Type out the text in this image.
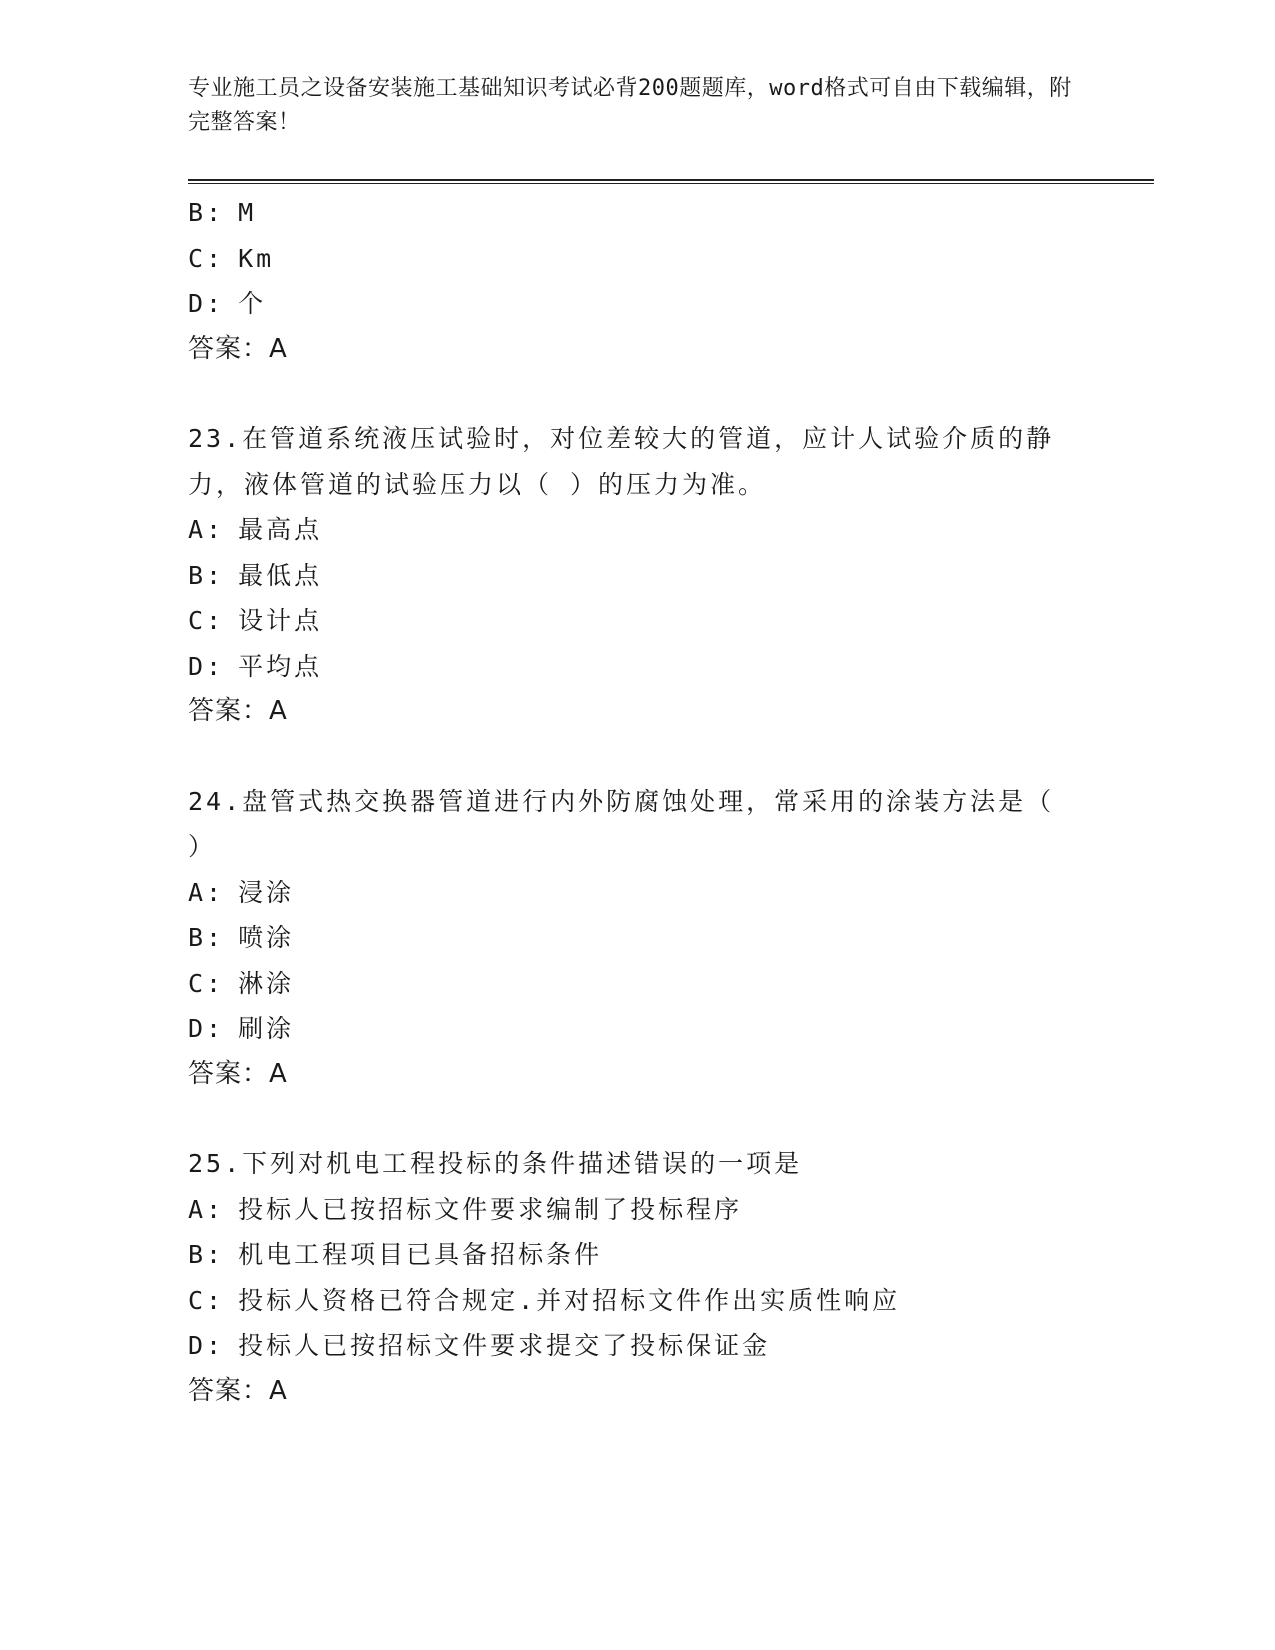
专业施工员之设备安装施工基础知识考试必背200题题库，word格式可自由下载编辑，附完整答案！
B: M
C: Km
D: 个
答案：A
23.在管道系统液压试验时，对位差较大的管道，应计人试验介质的静力，液体管道的试验压力以（ ）的压力为准。
A: 最高点
B: 最低点
C: 设计点
D: 平均点
答案：A
24.盘管式热交换器管道进行内外防腐蚀处理，常采用的涂装方法是（ ）
A: 浸涂
B: 喷涂
C: 淋涂
D: 刷涂
答案：A
25.下列对机电工程投标的条件描述错误的一项是
A: 投标人已按招标文件要求编制了投标程序
B: 机电工程项目已具备招标条件
C: 投标人资格已符合规定.并对招标文件作出实质性响应
D: 投标人已按招标文件要求提交了投标保证金
答案：A
